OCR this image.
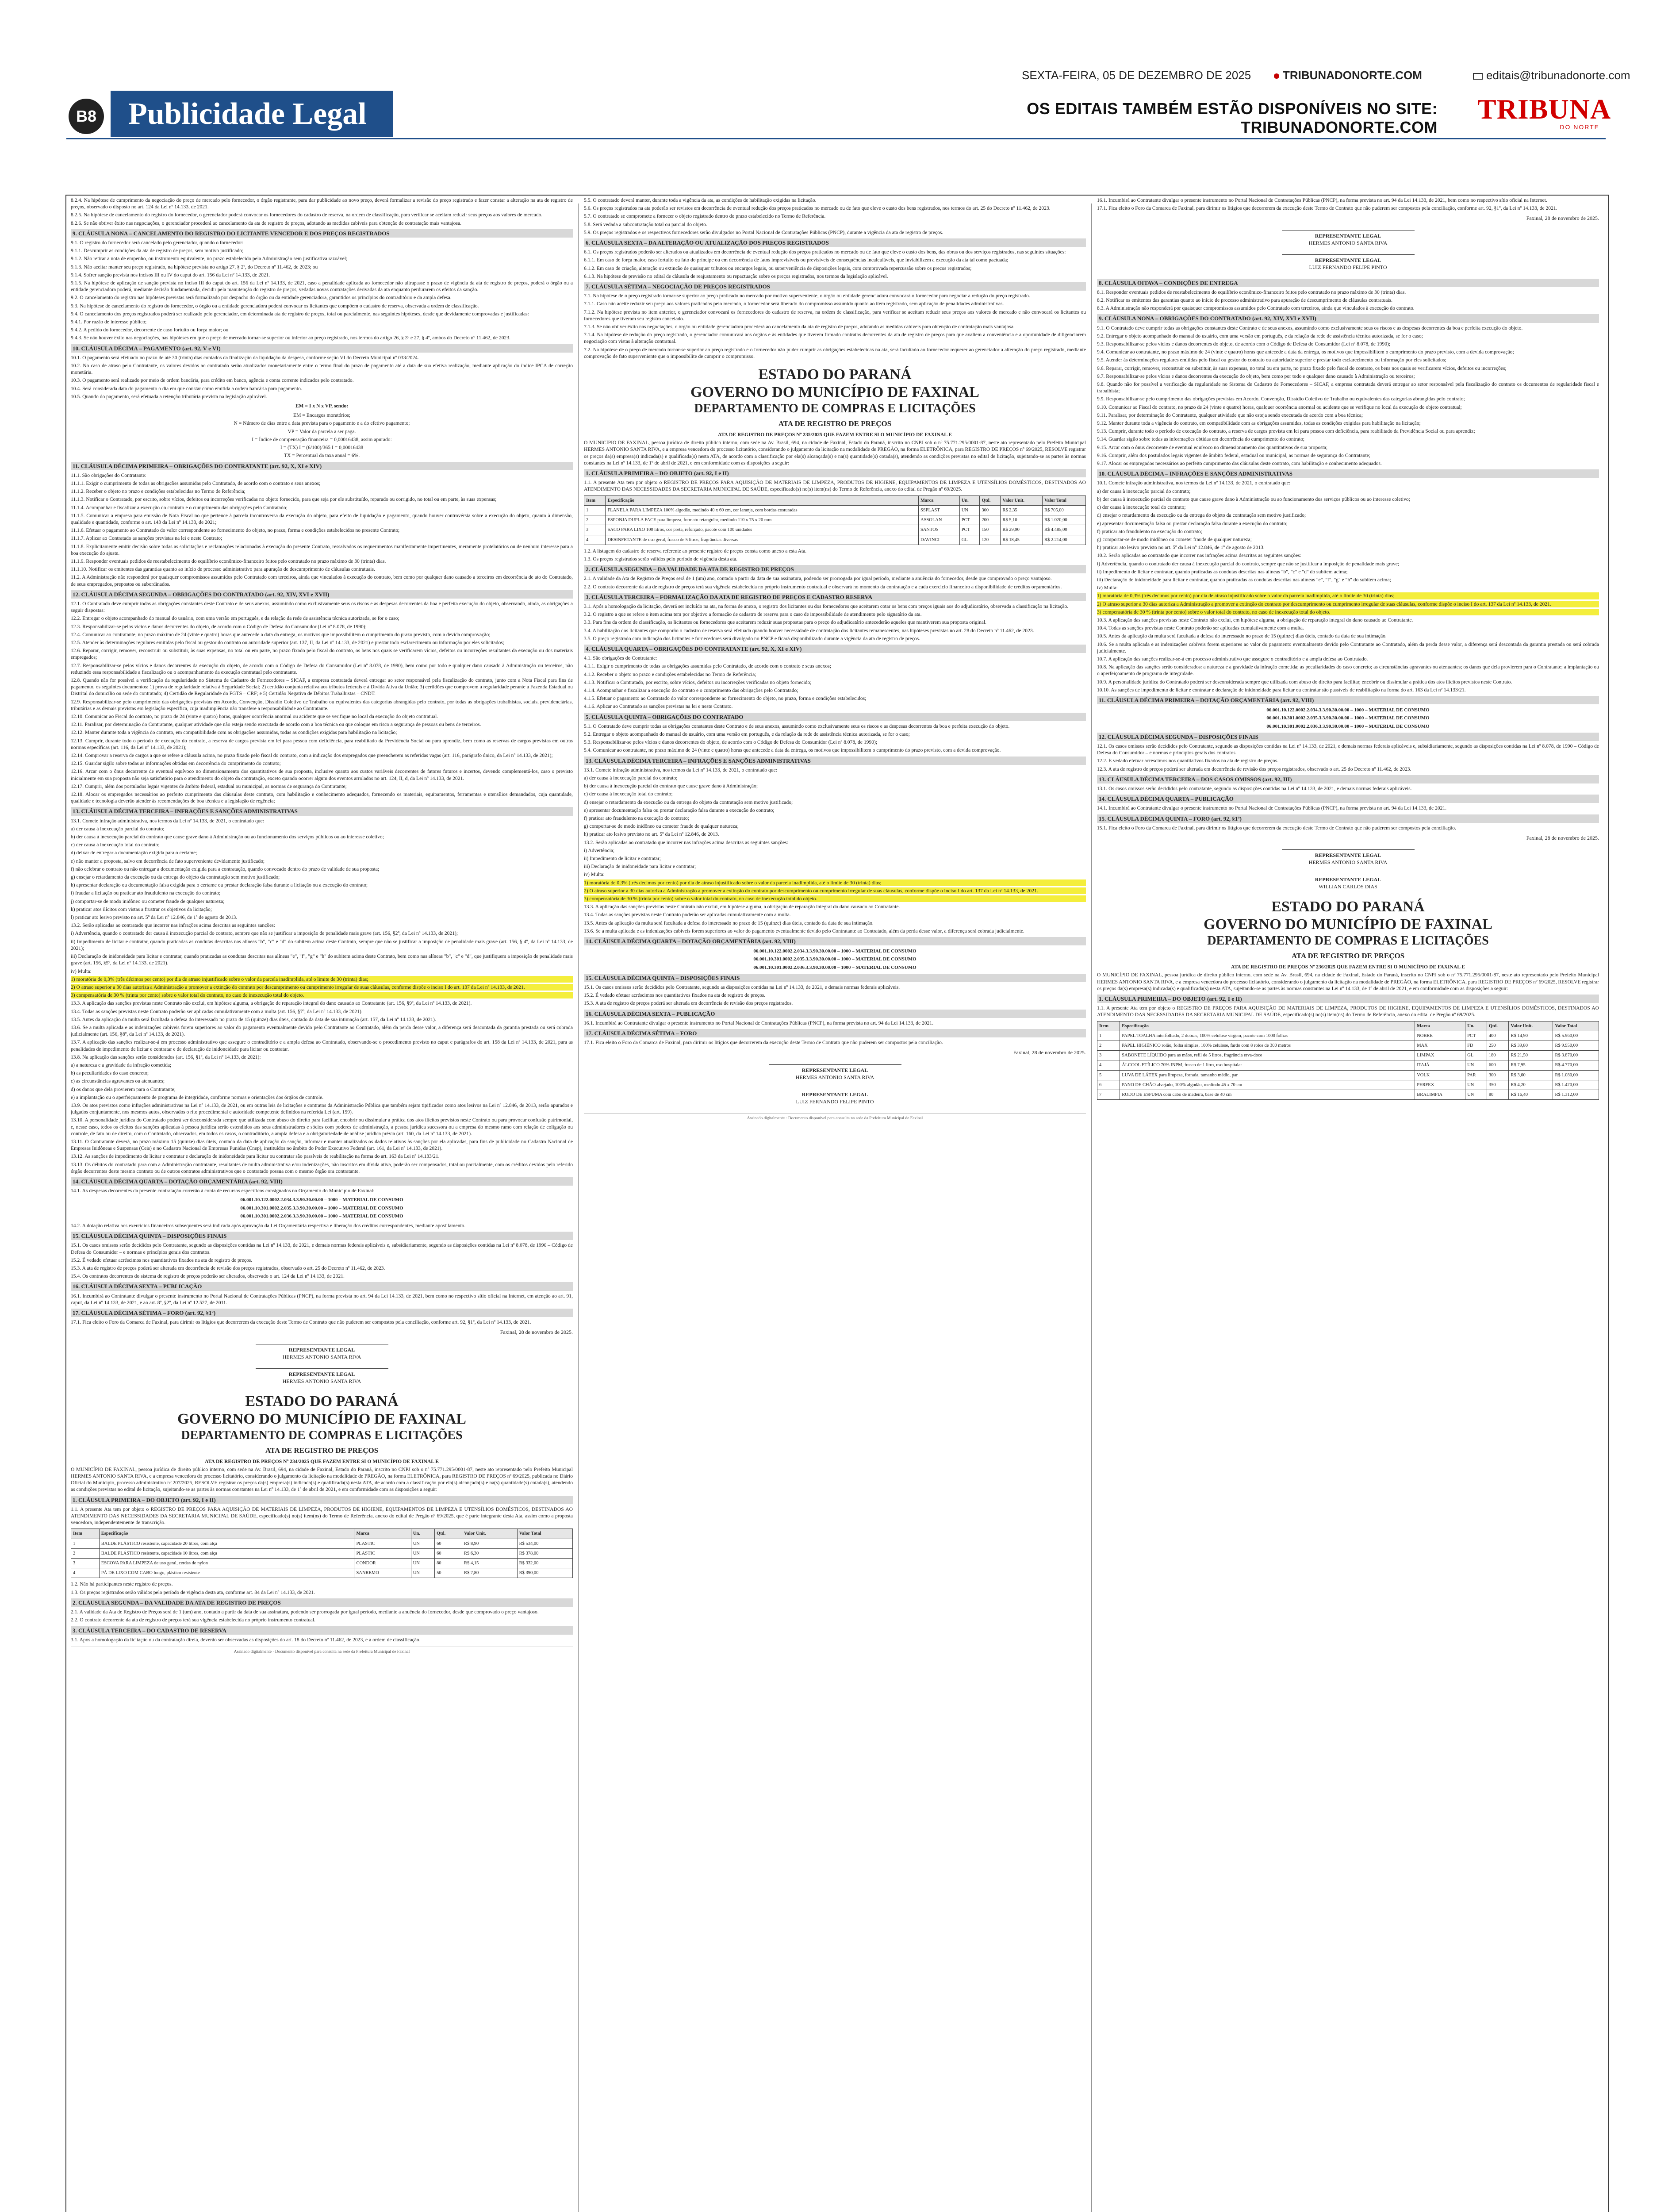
SEXTA-FEIRA, 05 DE DEZEMBRO DE 2025	TRIBUNADONORTE.COM	editais@tribunadonorte.com
B8	Publicidade Legal	OS EDITAIS TAMBÉM ESTÃO DISPONÍVEIS NO SITE: TRIBUNADONORTE.COM
TRIBUNA
DO NORTE

8.2.4. Na hipótese de cumprimento da negociação do preço de mercado pelo fornecedor, o órgão registrante, para dar publicidade ao novo preço, deverá formalizar a revisão do preço registrado e fazer constar a alteração na ata de registro de preços, observado o disposto no art. 124 da Lei nº 14.133, de 2021.

8.2.5. Na hipótese de cancelamento do registro do fornecedor, o gerenciador poderá convocar os fornecedores do cadastro de reserva, na ordem de classificação, para verificar se aceitam reduzir seus preços aos valores de mercado.

8.2.6. Se não obtiver êxito nas negociações, o gerenciador procederá ao cancelamento da ata de registro de preços, adotando as medidas cabíveis para obtenção de contratação mais vantajosa.

9. CLÁUSULA NONA – CANCELAMENTO DO REGISTRO DO LICITANTE VENCEDOR E DOS PREÇOS REGISTRADOS

9.1. O registro do fornecedor será cancelado pelo gerenciador, quando o fornecedor:

9.1.1. Descumprir as condições da ata de registro de preços, sem motivo justificado;

9.1.2. Não retirar a nota de empenho, ou instrumento equivalente, no prazo estabelecido pela Administração sem justificativa razoável;

9.1.3. Não aceitar manter seu preço registrado, na hipótese prevista no artigo 27, § 2º, do Decreto nº 11.462, de 2023; ou

9.1.4. Sofrer sanção prevista nos incisos III ou IV do caput do art. 156 da Lei nº 14.133, de 2021.

9.1.5. Na hipótese de aplicação de sanção prevista no inciso III do caput do art. 156 da Lei nº 14.133, de 2021, caso a penalidade aplicada ao fornecedor não ultrapasse o prazo de vigência da ata de registro de preços, poderá o órgão ou a entidade gerenciadora poderá, mediante decisão fundamentada, decidir pela manutenção do registro de preços, vedadas novas contratações derivadas da ata enquanto perdurarem os efeitos da sanção.

9.2. O cancelamento do registro nas hipóteses previstas será formalizado por despacho do órgão ou da entidade gerenciadora, garantidos os princípios do contraditório e da ampla defesa.

9.3. Na hipótese de cancelamento do registro do fornecedor, o órgão ou a entidade gerenciadora poderá convocar os licitantes que compõem o cadastro de reserva, observada a ordem de classificação.

9.4. O cancelamento dos preços registrados poderá ser realizado pelo gerenciador, em determinada ata de registro de preços, total ou parcialmente, nas seguintes hipóteses, desde que devidamente comprovadas e justificadas:

9.4.1. Por razão de interesse público;

9.4.2. A pedido do fornecedor, decorrente de caso fortuito ou força maior; ou

9.4.3. Se não houver êxito nas negociações, nas hipóteses em que o preço de mercado tornar-se superior ou inferior ao preço registrado, nos termos do artigo 26, § 3º e 27, § 4º, ambos do Decreto nº 11.462, de 2023.

10. CLÁUSULA DÉCIMA – PAGAMENTO (art. 92, V e VI)

10.1. O pagamento será efetuado no prazo de até 30 (trinta) dias contados da finalização da liquidação da despesa, conforme seção VI do Decreto Municipal nº 033/2024.

10.2. No caso de atraso pelo Contratante, os valores devidos ao contratado serão atualizados monetariamente entre o termo final do prazo de pagamento até a data de sua efetiva realização, mediante aplicação do índice IPCA de correção monetária.

10.3. O pagamento será realizado por meio de ordem bancária, para crédito em banco, agência e conta corrente indicados pelo contratado.

10.4. Será considerada data do pagamento o dia em que constar como emitida a ordem bancária para pagamento.

10.5. Quando do pagamento, será efetuada a retenção tributária prevista na legislação aplicável.

EM = I x N x VP, sendo:

EM = Encargos moratórios;

N = Número de dias entre a data prevista para o pagamento e a do efetivo pagamento;

VP = Valor da parcela a ser paga.

I = Índice de compensação financeira = 0,00016438, assim apurado:

I = (TX) I = (6/100)/365 I = 0,00016438

TX = Percentual da taxa anual = 6%.

11. CLÁUSULA DÉCIMA PRIMEIRA – OBRIGAÇÕES DO CONTRATANTE (art. 92, X, XI e XIV)

11.1. São obrigações do Contratante:

11.1.1. Exigir o cumprimento de todas as obrigações assumidas pelo Contratado, de acordo com o contrato e seus anexos;

11.1.2. Receber o objeto no prazo e condições estabelecidas no Termo de Referência;

11.1.3. Notificar o Contratado, por escrito, sobre vícios, defeitos ou incorreções verificadas no objeto fornecido, para que seja por ele substituído, reparado ou corrigido, no total ou em parte, às suas expensas;

11.1.4. Acompanhar e fiscalizar a execução do contrato e o cumprimento das obrigações pelo Contratado;

11.1.5. Comunicar a empresa para emissão de Nota Fiscal no que pertence à parcela incontroversa da execução do objeto, para efeito de liquidação e pagamento, quando houver controvérsia sobre a execução do objeto, quanto à dimensão, qualidade e quantidade, conforme o art. 143 da Lei nº 14.133, de 2021;

11.1.6. Efetuar o pagamento ao Contratado do valor correspondente ao fornecimento do objeto, no prazo, forma e condições estabelecidos no presente Contrato;

11.1.7. Aplicar ao Contratado as sanções previstas na lei e neste Contrato;

11.1.8. Explicitamente emitir decisão sobre todas as solicitações e reclamações relacionadas à execução do presente Contrato, ressalvados os requerimentos manifestamente impertinentes, meramente protelatórios ou de nenhum interesse para a boa execução do ajuste.

11.1.9. Responder eventuais pedidos de reestabelecimento do equilíbrio econômico-financeiro feitos pelo contratado no prazo máximo de 30 (trinta) dias.

11.1.10. Notificar os emitentes das garantias quanto ao início de processo administrativo para apuração de descumprimento de cláusulas contratuais.

11.2. A Administração não responderá por quaisquer compromissos assumidos pelo Contratado com terceiros, ainda que vinculados à execução do contrato, bem como por qualquer dano causado a terceiros em decorrência de ato do Contratado, de seus empregados, prepostos ou subordinados.

12. CLÁUSULA DÉCIMA SEGUNDA – OBRIGAÇÕES DO CONTRATADO (art. 92, XIV, XVI e XVII)

12.1. O Contratado deve cumprir todas as obrigações constantes deste Contrato e de seus anexos, assumindo como exclusivamente seus os riscos e as despesas decorrentes da boa e perfeita execução do objeto, observando, ainda, as obrigações a seguir dispostas:

12.2. Entregar o objeto acompanhado do manual do usuário, com uma versão em português, e da relação da rede de assistência técnica autorizada, se for o caso;

12.3. Responsabilizar-se pelos vícios e danos decorrentes do objeto, de acordo com o Código de Defesa do Consumidor (Lei nº 8.078, de 1990);

12.4. Comunicar ao contratante, no prazo máximo de 24 (vinte e quatro) horas que antecede a data da entrega, os motivos que impossibilitem o cumprimento do prazo previsto, com a devida comprovação;

12.5. Atender às determinações regulares emitidas pelo fiscal ou gestor do contrato ou autoridade superior (art. 137, II, da Lei nº 14.133, de 2021) e prestar todo esclarecimento ou informação por eles solicitados;

12.6. Reparar, corrigir, remover, reconstruir ou substituir, às suas expensas, no total ou em parte, no prazo fixado pelo fiscal do contrato, os bens nos quais se verificarem vícios, defeitos ou incorreções resultantes da execução ou dos materiais empregados;

12.7. Responsabilizar-se pelos vícios e danos decorrentes da execução do objeto, de acordo com o Código de Defesa do Consumidor (Lei nº 8.078, de 1990), bem como por todo e qualquer dano causado à Administração ou terceiros, não reduzindo essa responsabilidade a fiscalização ou o acompanhamento da execução contratual pelo contratante.

12.8. Quando não for possível a verificação da regularidade no Sistema de Cadastro de Fornecedores – SICAF, a empresa contratada deverá entregar ao setor responsável pela fiscalização do contrato, junto com a Nota Fiscal para fins de pagamento, os seguintes documentos: 1) prova de regularidade relativa à Seguridade Social; 2) certidão conjunta relativa aos tributos federais e à Dívida Ativa da União; 3) certidões que comprovem a regularidade perante a Fazenda Estadual ou Distrital do domicílio ou sede do contratado; 4) Certidão de Regularidade do FGTS – CRF; e 5) Certidão Negativa de Débitos Trabalhistas – CNDT.

12.9. Responsabilizar-se pelo cumprimento das obrigações previstas em Acordo, Convenção, Dissídio Coletivo de Trabalho ou equivalentes das categorias abrangidas pelo contrato, por todas as obrigações trabalhistas, sociais, previdenciárias, tributárias e as demais previstas em legislação específica, cuja inadimplência não transfere a responsabilidade ao Contratante.

12.10. Comunicar ao Fiscal do contrato, no prazo de 24 (vinte e quatro) horas, qualquer ocorrência anormal ou acidente que se verifique no local da execução do objeto contratual.

12.11. Paralisar, por determinação do Contratante, qualquer atividade que não esteja sendo executada de acordo com a boa técnica ou que coloque em risco a segurança de pessoas ou bens de terceiros.

12.12. Manter durante toda a vigência do contrato, em compatibilidade com as obrigações assumidas, todas as condições exigidas para habilitação na licitação;

12.13. Cumprir, durante todo o período de execução do contrato, a reserva de cargos prevista em lei para pessoa com deficiência, para reabilitado da Previdência Social ou para aprendiz, bem como as reservas de cargos previstas em outras normas específicas (art. 116, da Lei nº 14.133, de 2021);

12.14. Comprovar a reserva de cargos a que se refere a cláusula acima, no prazo fixado pelo fiscal do contrato, com a indicação dos empregados que preencherem as referidas vagas (art. 116, parágrafo único, da Lei nº 14.133, de 2021);

12.15. Guardar sigilo sobre todas as informações obtidas em decorrência do cumprimento do contrato;

12.16. Arcar com o ônus decorrente de eventual equívoco no dimensionamento dos quantitativos de sua proposta, inclusive quanto aos custos variáveis decorrentes de fatores futuros e incertos, devendo complementá-los, caso o previsto inicialmente em sua proposta não seja satisfatório para o atendimento do objeto da contratação, exceto quando ocorrer algum dos eventos arrolados no art. 124, II, d, da Lei nº 14.133, de 2021.

12.17. Cumprir, além dos postulados legais vigentes de âmbito federal, estadual ou municipal, as normas de segurança do Contratante;

12.18. Alocar os empregados necessários ao perfeito cumprimento das cláusulas deste contrato, com habilitação e conhecimento adequados, fornecendo os materiais, equipamentos, ferramentas e utensílios demandados, cuja quantidade, qualidade e tecnologia deverão atender às recomendações de boa técnica e a legislação de regência;

13. CLÁUSULA DÉCIMA TERCEIRA – INFRAÇÕES E SANÇÕES ADMINISTRATIVAS

13.1. Comete infração administrativa, nos termos da Lei nº 14.133, de 2021, o contratado que:

a) der causa à inexecução parcial do contrato;

b) der causa à inexecução parcial do contrato que cause grave dano à Administração ou ao funcionamento dos serviços públicos ou ao interesse coletivo;

c) der causa à inexecução total do contrato;

d) deixar de entregar a documentação exigida para o certame;

e) não manter a proposta, salvo em decorrência de fato superveniente devidamente justificado;

f) não celebrar o contrato ou não entregar a documentação exigida para a contratação, quando convocado dentro do prazo de validade de sua proposta;

g) ensejar o retardamento da execução ou da entrega do objeto da contratação sem motivo justificado;

h) apresentar declaração ou documentação falsa exigida para o certame ou prestar declaração falsa durante a licitação ou a execução do contrato;

i) fraudar a licitação ou praticar ato fraudulento na execução do contrato;

j) comportar-se de modo inidôneo ou cometer fraude de qualquer natureza;

k) praticar atos ilícitos com vistas a frustrar os objetivos da licitação;

l) praticar ato lesivo previsto no art. 5º da Lei nº 12.846, de 1º de agosto de 2013.

13.2. Serão aplicadas ao contratado que incorrer nas infrações acima descritas as seguintes sanções:

i) Advertência, quando o contratado der causa à inexecução parcial do contrato, sempre que não se justificar a imposição de penalidade mais grave (art. 156, §2º, da Lei nº 14.133, de 2021);

ii) Impedimento de licitar e contratar, quando praticadas as condutas descritas nas alíneas "b", "c" e "d" do subitem acima deste Contrato, sempre que não se justificar a imposição de penalidade mais grave (art. 156, § 4º, da Lei nº 14.133, de 2021);

iii) Declaração de inidoneidade para licitar e contratar, quando praticadas as condutas descritas nas alíneas "e", "f", "g" e "h" do subitem acima deste Contrato, bem como nas alíneas "b", "c" e "d", que justifiquem a imposição de penalidade mais grave (art. 156, §5º, da Lei nº 14.133, de 2021).

iv) Multa:

1) moratória de 0,3% (três décimos por cento) por dia de atraso injustificado sobre o valor da parcela inadimplida, até o limite de 30 (trinta) dias;

2) O atraso superior a 30 dias autoriza a Administração a promover a extinção do contrato por descumprimento ou cumprimento irregular de suas cláusulas, conforme dispõe o inciso I do art. 137 da Lei nº 14.133, de 2021.

3) compensatória de 30 % (trinta por cento) sobre o valor total do contrato, no caso de inexecução total do objeto.

13.3. A aplicação das sanções previstas neste Contrato não exclui, em hipótese alguma, a obrigação de reparação integral do dano causado ao Contratante (art. 156, §9º, da Lei nº 14.133, de 2021).

13.4. Todas as sanções previstas neste Contrato poderão ser aplicadas cumulativamente com a multa (art. 156, §7º, da Lei nº 14.133, de 2021).

13.5. Antes da aplicação da multa será facultada a defesa do interessado no prazo de 15 (quinze) dias úteis, contado da data de sua intimação (art. 157, da Lei nº 14.133, de 2021).

13.6. Se a multa aplicada e as indenizações cabíveis forem superiores ao valor do pagamento eventualmente devido pelo Contratante ao Contratado, além da perda desse valor, a diferença será descontada da garantia prestada ou será cobrada judicialmente (art. 156, §8º, da Lei nº 14.133, de 2021).

13.7. A aplicação das sanções realizar-se-á em processo administrativo que assegure o contraditório e a ampla defesa ao Contratado, observando-se o procedimento previsto no caput e parágrafos do art. 158 da Lei nº 14.133, de 2021, para as penalidades de impedimento de licitar e contratar e de declaração de inidoneidade para licitar ou contratar.

13.8. Na aplicação das sanções serão considerados (art. 156, §1º, da Lei nº 14.133, de 2021):

a) a natureza e a gravidade da infração cometida;

b) as peculiaridades do caso concreto;

c) as circunstâncias agravantes ou atenuantes;

d) os danos que dela provierem para o Contratante;

e) a implantação ou o aperfeiçoamento de programa de integridade, conforme normas e orientações dos órgãos de controle.

13.9. Os atos previstos como infrações administrativas na Lei nº 14.133, de 2021, ou em outras leis de licitações e contratos da Administração Pública que também sejam tipificados como atos lesivos na Lei nº 12.846, de 2013, serão apurados e julgados conjuntamente, nos mesmos autos, observados o rito procedimental e autoridade competente definidos na referida Lei (art. 159).

13.10. A personalidade jurídica do Contratado poderá ser desconsiderada sempre que utilizada com abuso do direito para facilitar, encobrir ou dissimular a prática dos atos ilícitos previstos neste Contrato ou para provocar confusão patrimonial, e, nesse caso, todos os efeitos das sanções aplicadas à pessoa jurídica serão estendidos aos seus administradores e sócios com poderes de administração, a pessoa jurídica sucessora ou a empresa do mesmo ramo com relação de coligação ou controle, de fato ou de direito, com o Contratado, observados, em todos os casos, o contraditório, a ampla defesa e a obrigatoriedade de análise jurídica prévia (art. 160, da Lei nº 14.133, de 2021).

13.11. O Contratante deverá, no prazo máximo 15 (quinze) dias úteis, contado da data de aplicação da sanção, informar e manter atualizados os dados relativos às sanções por ela aplicadas, para fins de publicidade no Cadastro Nacional de Empresas Inidôneas e Suspensas (Ceis) e no Cadastro Nacional de Empresas Punidas (Cnep), instituídos no âmbito do Poder Executivo Federal (art. 161, da Lei nº 14.133, de 2021).

13.12. As sanções de impedimento de licitar e contratar e declaração de inidoneidade para licitar ou contratar são passíveis de reabilitação na forma do art. 163 da Lei nº 14.133/21.

13.13. Os débitos do contratado para com a Administração contratante, resultantes de multa administrativa e/ou indenizações, não inscritos em dívida ativa, poderão ser compensados, total ou parcialmente, com os créditos devidos pelo referido órgão decorrentes deste mesmo contrato ou de outros contratos administrativos que o contratado possua com o mesmo órgão ora contratante.

14. CLÁUSULA DÉCIMA QUARTA – DOTAÇÃO ORÇAMENTÁRIA (art. 92, VIII)

14.1. As despesas decorrentes da presente contratação correrão à conta de recursos específicos consignados no Orçamento do Município de Faxinal:

06.001.10.122.0002.2.034.3.3.90.30.00.00 – 1000 – MATERIAL DE CONSUMO

06.001.10.301.0002.2.035.3.3.90.30.00.00 – 1000 – MATERIAL DE CONSUMO

06.001.10.301.0002.2.036.3.3.90.30.00.00 – 1000 – MATERIAL DE CONSUMO

14.2. A dotação relativa aos exercícios financeiros subsequentes será indicada após aprovação da Lei Orçamentária respectiva e liberação dos créditos correspondentes, mediante apostilamento.

15. CLÁUSULA DÉCIMA QUINTA – DISPOSIÇÕES FINAIS

15.1. Os casos omissos serão decididos pelo Contratante, segundo as disposições contidas na Lei nº 14.133, de 2021, e demais normas federais aplicáveis e, subsidiariamente, segundo as disposições contidas na Lei nº 8.078, de 1990 – Código de Defesa do Consumidor – e normas e princípios gerais dos contratos.

15.2. É vedado efetuar acréscimos nos quantitativos fixados na ata de registro de preços.

15.3. A ata de registro de preços poderá ser alterada em decorrência de revisão dos preços registrados, observado o art. 25 do Decreto nº 11.462, de 2023.

15.4. Os contratos decorrentes do sistema de registro de preços poderão ser alterados, observado o art. 124 da Lei nº 14.133, de 2021.

16. CLÁUSULA DÉCIMA SEXTA – PUBLICAÇÃO

16.1. Incumbirá ao Contratante divulgar o presente instrumento no Portal Nacional de Contratações Públicas (PNCP), na forma prevista no art. 94 da Lei 14.133, de 2021, bem como no respectivo sítio oficial na Internet, em atenção ao art. 91, caput, da Lei nº 14.133, de 2021, e ao art. 8º, §2º, da Lei nº 12.527, de 2011.

17. CLÁUSULA DÉCIMA SÉTIMA – FORO (art. 92, §1º)

17.1. Fica eleito o Foro da Comarca de Faxinal, para dirimir os litígios que decorrerem da execução deste Termo de Contrato que não puderem ser compostos pela conciliação, conforme art. 92, §1º, da Lei nº 14.133, de 2021.

Faxinal, 28 de novembro de 2025.
REPRESENTANTE LEGAL
HERMES ANTONIO SANTA RIVA
REPRESENTANTE LEGAL
HERMES ANTONIO SANTA RIVA
ESTADO DO PARANÁ
GOVERNO DO MUNICÍPIO DE FAXINAL
DEPARTAMENTO DE COMPRAS E LICITAÇÕES
ATA DE REGISTRO DE PREÇOS

ATA DE REGISTRO DE PREÇOS Nº 234/2025 QUE FAZEM ENTRE SI O MUNICÍPIO DE FAXINAL E

O MUNICÍPIO DE FAXINAL, pessoa jurídica de direito público interno, com sede na Av. Brasil, 694, na cidade de Faxinal, Estado do Paraná, inscrito no CNPJ sob o nº 75.771.295/0001-87, neste ato representado pelo Prefeito Municipal HERMES ANTONIO SANTA RIVA, e a empresa vencedora do processo licitatório, considerando o julgamento da licitação na modalidade de PREGÃO, na forma ELETRÔNICA, para REGISTRO DE PREÇOS nº 69/2025, publicada no Diário Oficial do Município, processo administrativo nº 207/2025, RESOLVE registrar os preços da(s) empresa(s) indicada(s) e qualificada(s) nesta ATA, de acordo com a classificação por ela(s) alcançada(s) e na(s) quantidade(s) cotada(s), atendendo as condições previstas no edital de licitação, sujeitando-se as partes às normas constantes na Lei nº 14.133, de 1º de abril de 2021, e em conformidade com as disposições a seguir:

1. CLÁUSULA PRIMEIRA – DO OBJETO (art. 92, I e II)

1.1. A presente Ata tem por objeto o REGISTRO DE PREÇOS PARA AQUISIÇÃO DE MATERIAIS DE LIMPEZA, PRODUTOS DE HIGIENE, EQUIPAMENTOS DE LIMPEZA E UTENSÍLIOS DOMÉSTICOS, DESTINADOS AO ATENDIMENTO DAS NECESSIDADES DA SECRETARIA MUNICIPAL DE SAÚDE, especificado(s) no(s) item(ns) do Termo de Referência, anexo do edital de Pregão nº 69/2025, que é parte integrante desta Ata, assim como a proposta vencedora, independentemente de transcrição.

Item	Especificação	Marca	Un.	Qtd.	Valor Unit.	Valor Total
1	BALDE PLÁSTICO resistente, capacidade 20 litros, com alça	PLASTIC	UN	60	R$ 8,90	R$ 534,00
2	BALDE PLÁSTICO resistente, capacidade 10 litros, com alça	PLASTIC	UN	60	R$ 6,30	R$ 378,00
3	ESCOVA PARA LIMPEZA de uso geral, cerdas de nylon	CONDOR	UN	80	R$ 4,15	R$ 332,00
4	PÁ DE LIXO COM CABO longo, plástico resistente	SANREMO	UN	50	R$ 7,80	R$ 390,00

1.2. Não há participantes neste registro de preços.

1.3. Os preços registrados serão válidos pelo período de vigência desta ata, conforme art. 84 da Lei nº 14.133, de 2021.

2. CLÁUSULA SEGUNDA – DA VALIDADE DA ATA DE REGISTRO DE PREÇOS

2.1. A validade da Ata de Registro de Preços será de 1 (um) ano, contado a partir da data de sua assinatura, podendo ser prorrogada por igual período, mediante a anuência do fornecedor, desde que comprovado o preço vantajoso.

2.2. O contrato decorrente da ata de registro de preços terá sua vigência estabelecida no próprio instrumento contratual.

3. CLÁUSULA TERCEIRA – DO CADASTRO DE RESERVA

3.1. Após a homologação da licitação ou da contratação direta, deverão ser observadas as disposições do art. 18 do Decreto nº 11.462, de 2023, e a ordem de classificação.

Assinado digitalmente · Documento disponível para consulta na sede da Prefeitura Municipal de Faxinal

5.5. O contratado deverá manter, durante toda a vigência da ata, as condições de habilitação exigidas na licitação.

5.6. Os preços registrados na ata poderão ser revistos em decorrência de eventual redução dos preços praticados no mercado ou de fato que eleve o custo dos bens registrados, nos termos do art. 25 do Decreto nº 11.462, de 2023.

5.7. O contratado se compromete a fornecer o objeto registrado dentro do prazo estabelecido no Termo de Referência.

5.8. Será vedada a subcontratação total ou parcial do objeto.

5.9. Os preços registrados e os respectivos fornecedores serão divulgados no Portal Nacional de Contratações Públicas (PNCP), durante a vigência da ata de registro de preços.

6. CLÁUSULA SEXTA – DA ALTERAÇÃO OU ATUALIZAÇÃO DOS PREÇOS REGISTRADOS

6.1. Os preços registrados poderão ser alterados ou atualizados em decorrência de eventual redução dos preços praticados no mercado ou de fato que eleve o custo dos bens, das obras ou dos serviços registrados, nas seguintes situações:

6.1.1. Em caso de força maior, caso fortuito ou fato do príncipe ou em decorrência de fatos imprevisíveis ou previsíveis de consequências incalculáveis, que inviabilizem a execução da ata tal como pactuada;

6.1.2. Em caso de criação, alteração ou extinção de quaisquer tributos ou encargos legais, ou superveniência de disposições legais, com comprovada repercussão sobre os preços registrados;

6.1.3. Na hipótese de previsão no edital de cláusula de reajustamento ou repactuação sobre os preços registrados, nos termos da legislação aplicável.

7. CLÁUSULA SÉTIMA – NEGOCIAÇÃO DE PREÇOS REGISTRADOS

7.1. Na hipótese de o preço registrado tornar-se superior ao preço praticado no mercado por motivo superveniente, o órgão ou entidade gerenciadora convocará o fornecedor para negociar a redução do preço registrado.

7.1.1. Caso não aceite reduzir seu preço aos valores praticados pelo mercado, o fornecedor será liberado do compromisso assumido quanto ao item registrado, sem aplicação de penalidades administrativas.

7.1.2. Na hipótese prevista no item anterior, o gerenciador convocará os fornecedores do cadastro de reserva, na ordem de classificação, para verificar se aceitam reduzir seus preços aos valores de mercado e não convocará os licitantes ou fornecedores que tiveram seu registro cancelado.

7.1.3. Se não obtiver êxito nas negociações, o órgão ou entidade gerenciadora procederá ao cancelamento da ata de registro de preços, adotando as medidas cabíveis para obtenção de contratação mais vantajosa.

7.1.4. Na hipótese de redução do preço registrado, o gerenciador comunicará aos órgãos e às entidades que tiverem firmado contratos decorrentes da ata de registro de preços para que avaliem a conveniência e a oportunidade de diligenciarem negociação com vistas à alteração contratual.

7.2. Na hipótese de o preço de mercado tornar-se superior ao preço registrado e o fornecedor não puder cumprir as obrigações estabelecidas na ata, será facultado ao fornecedor requerer ao gerenciador a alteração do preço registrado, mediante comprovação de fato superveniente que o impossibilite de cumprir o compromisso.

ESTADO DO PARANÁ
GOVERNO DO MUNICÍPIO DE FAXINAL
DEPARTAMENTO DE COMPRAS E LICITAÇÕES
ATA DE REGISTRO DE PREÇOS

ATA DE REGISTRO DE PREÇOS Nº 235/2025 QUE FAZEM ENTRE SI O MUNICÍPIO DE FAXINAL E

O MUNICÍPIO DE FAXINAL, pessoa jurídica de direito público interno, com sede na Av. Brasil, 694, na cidade de Faxinal, Estado do Paraná, inscrito no CNPJ sob o nº 75.771.295/0001-87, neste ato representado pelo Prefeito Municipal HERMES ANTONIO SANTA RIVA, e a empresa vencedora do processo licitatório, considerando o julgamento da licitação na modalidade de PREGÃO, na forma ELETRÔNICA, para REGISTRO DE PREÇOS nº 69/2025, RESOLVE registrar os preços da(s) empresa(s) indicada(s) e qualificada(s) nesta ATA, de acordo com a classificação por ela(s) alcançada(s) e na(s) quantidade(s) cotada(s), atendendo as condições previstas no edital de licitação, sujeitando-se as partes às normas constantes na Lei nº 14.133, de 1º de abril de 2021, e em conformidade com as disposições a seguir:

1. CLÁUSULA PRIMEIRA – DO OBJETO (art. 92, I e II)

1.1. A presente Ata tem por objeto o REGISTRO DE PREÇOS PARA AQUISIÇÃO DE MATERIAIS DE LIMPEZA, PRODUTOS DE HIGIENE, EQUIPAMENTOS DE LIMPEZA E UTENSÍLIOS DOMÉSTICOS, DESTINADOS AO ATENDIMENTO DAS NECESSIDADES DA SECRETARIA MUNICIPAL DE SAÚDE, especificado(s) no(s) item(ns) do Termo de Referência, anexo do edital de Pregão nº 69/2025.

Item	Especificação	Marca	Un.	Qtd.	Valor Unit.	Valor Total
1	FLANELA PARA LIMPEZA 100% algodão, medindo 40 x 60 cm, cor laranja, com bordas costuradas	SSPLAST	UN	300	R$ 2,35	R$ 705,00
2	ESPONJA DUPLA FACE para limpeza, formato retangular, medindo 110 x 75 x 20 mm	ASSOLAN	PCT	200	R$ 5,10	R$ 1.020,00
3	SACO PARA LIXO 100 litros, cor preta, reforçado, pacote com 100 unidades	SANTOS	PCT	150	R$ 29,90	R$ 4.485,00
4	DESINFETANTE de uso geral, frasco de 5 litros, fragrâncias diversas	DAVINCI	GL	120	R$ 18,45	R$ 2.214,00

1.2. A listagem do cadastro de reserva referente ao presente registro de preços consta como anexo a esta Ata.

1.3. Os preços registrados serão válidos pelo período de vigência desta ata.

2. CLÁUSULA SEGUNDA – DA VALIDADE DA ATA DE REGISTRO DE PREÇOS

2.1. A validade da Ata de Registro de Preços será de 1 (um) ano, contado a partir da data de sua assinatura, podendo ser prorrogada por igual período, mediante a anuência do fornecedor, desde que comprovado o preço vantajoso.

2.2. O contrato decorrente da ata de registro de preços terá sua vigência estabelecida no próprio instrumento contratual e observará no momento da contratação e a cada exercício financeiro a disponibilidade de créditos orçamentários.

3. CLÁUSULA TERCEIRA – FORMALIZAÇÃO DA ATA DE REGISTRO DE PREÇOS E CADASTRO RESERVA

3.1. Após a homologação da licitação, deverá ser incluído na ata, na forma de anexo, o registro dos licitantes ou dos fornecedores que aceitarem cotar os bens com preços iguais aos do adjudicatário, observada a classificação na licitação.

3.2. O registro a que se refere o item acima tem por objetivo a formação de cadastro de reserva para o caso de impossibilidade de atendimento pelo signatário da ata.

3.3. Para fins da ordem de classificação, os licitantes ou fornecedores que aceitarem reduzir suas propostas para o preço do adjudicatário antecederão aqueles que mantiverem sua proposta original.

3.4. A habilitação dos licitantes que comporão o cadastro de reserva será efetuada quando houver necessidade de contratação dos licitantes remanescentes, nas hipóteses previstas no art. 28 do Decreto nº 11.462, de 2023.

3.5. O preço registrado com indicação dos licitantes e fornecedores será divulgado no PNCP e ficará disponibilizado durante a vigência da ata de registro de preços.

4. CLÁUSULA QUARTA – OBRIGAÇÕES DO CONTRATANTE (art. 92, X, XI e XIV)

4.1. São obrigações do Contratante:

4.1.1. Exigir o cumprimento de todas as obrigações assumidas pelo Contratado, de acordo com o contrato e seus anexos;

4.1.2. Receber o objeto no prazo e condições estabelecidas no Termo de Referência;

4.1.3. Notificar o Contratado, por escrito, sobre vícios, defeitos ou incorreções verificadas no objeto fornecido;

4.1.4. Acompanhar e fiscalizar a execução do contrato e o cumprimento das obrigações pelo Contratado;

4.1.5. Efetuar o pagamento ao Contratado do valor correspondente ao fornecimento do objeto, no prazo, forma e condições estabelecidos;

4.1.6. Aplicar ao Contratado as sanções previstas na lei e neste Contrato.

5. CLÁUSULA QUINTA – OBRIGAÇÕES DO CONTRATADO

5.1. O Contratado deve cumprir todas as obrigações constantes deste Contrato e de seus anexos, assumindo como exclusivamente seus os riscos e as despesas decorrentes da boa e perfeita execução do objeto.

5.2. Entregar o objeto acompanhado do manual do usuário, com uma versão em português, e da relação da rede de assistência técnica autorizada, se for o caso;

5.3. Responsabilizar-se pelos vícios e danos decorrentes do objeto, de acordo com o Código de Defesa do Consumidor (Lei nº 8.078, de 1990);

5.4. Comunicar ao contratante, no prazo máximo de 24 (vinte e quatro) horas que antecede a data da entrega, os motivos que impossibilitem o cumprimento do prazo previsto, com a devida comprovação.

13. CLÁUSULA DÉCIMA TERCEIRA – INFRAÇÕES E SANÇÕES ADMINISTRATIVAS

13.1. Comete infração administrativa, nos termos da Lei nº 14.133, de 2021, o contratado que:

a) der causa à inexecução parcial do contrato;

b) der causa à inexecução parcial do contrato que cause grave dano à Administração;

c) der causa à inexecução total do contrato;

d) ensejar o retardamento da execução ou da entrega do objeto da contratação sem motivo justificado;

e) apresentar documentação falsa ou prestar declaração falsa durante a execução do contrato;

f) praticar ato fraudulento na execução do contrato;

g) comportar-se de modo inidôneo ou cometer fraude de qualquer natureza;

h) praticar ato lesivo previsto no art. 5º da Lei nº 12.846, de 2013.

13.2. Serão aplicadas ao contratado que incorrer nas infrações acima descritas as seguintes sanções:

i) Advertência;

ii) Impedimento de licitar e contratar;

iii) Declaração de inidoneidade para licitar e contratar;

iv) Multa:

1) moratória de 0,3% (três décimos por cento) por dia de atraso injustificado sobre o valor da parcela inadimplida, até o limite de 30 (trinta) dias;

2) O atraso superior a 30 dias autoriza a Administração a promover a extinção do contrato por descumprimento ou cumprimento irregular de suas cláusulas, conforme dispõe o inciso I do art. 137 da Lei nº 14.133, de 2021.

3) compensatória de 30 % (trinta por cento) sobre o valor total do contrato, no caso de inexecução total do objeto.

13.3. A aplicação das sanções previstas neste Contrato não exclui, em hipótese alguma, a obrigação de reparação integral do dano causado ao Contratante.

13.4. Todas as sanções previstas neste Contrato poderão ser aplicadas cumulativamente com a multa.

13.5. Antes da aplicação da multa será facultada a defesa do interessado no prazo de 15 (quinze) dias úteis, contado da data de sua intimação.

13.6. Se a multa aplicada e as indenizações cabíveis forem superiores ao valor do pagamento eventualmente devido pelo Contratante ao Contratado, além da perda desse valor, a diferença será cobrada judicialmente.

14. CLÁUSULA DÉCIMA QUARTA – DOTAÇÃO ORÇAMENTÁRIA (art. 92, VIII)

06.001.10.122.0002.2.034.3.3.90.30.00.00 – 1000 – MATERIAL DE CONSUMO

06.001.10.301.0002.2.035.3.3.90.30.00.00 – 1000 – MATERIAL DE CONSUMO

06.001.10.301.0002.2.036.3.3.90.30.00.00 – 1000 – MATERIAL DE CONSUMO

15. CLÁUSULA DÉCIMA QUINTA – DISPOSIÇÕES FINAIS

15.1. Os casos omissos serão decididos pelo Contratante, segundo as disposições contidas na Lei nº 14.133, de 2021, e demais normas federais aplicáveis.

15.2. É vedado efetuar acréscimos nos quantitativos fixados na ata de registro de preços.

15.3. A ata de registro de preços poderá ser alterada em decorrência de revisão dos preços registrados.

16. CLÁUSULA DÉCIMA SEXTA – PUBLICAÇÃO

16.1. Incumbirá ao Contratante divulgar o presente instrumento no Portal Nacional de Contratações Públicas (PNCP), na forma prevista no art. 94 da Lei 14.133, de 2021.

17. CLÁUSULA DÉCIMA SÉTIMA – FORO

17.1. Fica eleito o Foro da Comarca de Faxinal, para dirimir os litígios que decorrerem da execução deste Termo de Contrato que não puderem ser compostos pela conciliação.

Faxinal, 28 de novembro de 2025.
REPRESENTANTE LEGAL
HERMES ANTONIO SANTA RIVA
REPRESENTANTE LEGAL
LUIZ FERNANDO FELIPE PINTO
Assinado digitalmente · Documento disponível para consulta na sede da Prefeitura Municipal de Faxinal

16.1. Incumbirá ao Contratante divulgar o presente instrumento no Portal Nacional de Contratações Públicas (PNCP), na forma prevista no art. 94 da Lei 14.133, de 2021, bem como no respectivo sítio oficial na Internet.

17.1. Fica eleito o Foro da Comarca de Faxinal, para dirimir os litígios que decorrerem da execução deste Termo de Contrato que não puderem ser compostos pela conciliação, conforme art. 92, §1º, da Lei nº 14.133, de 2021.

Faxinal, 28 de novembro de 2025.
REPRESENTANTE LEGAL
HERMES ANTONIO SANTA RIVA
REPRESENTANTE LEGAL
LUIZ FERNANDO FELIPE PINTO
8. CLÁUSULA OITAVA – CONDIÇÕES DE ENTREGA

8.1. Responder eventuais pedidos de reestabelecimento do equilíbrio econômico-financeiro feitos pelo contratado no prazo máximo de 30 (trinta) dias.

8.2. Notificar os emitentes das garantias quanto ao início de processo administrativo para apuração de descumprimento de cláusulas contratuais.

8.3. A Administração não responderá por quaisquer compromissos assumidos pelo Contratado com terceiros, ainda que vinculados à execução do contrato.

9. CLÁUSULA NONA – OBRIGAÇÕES DO CONTRATADO (art. 92, XIV, XVI e XVII)

9.1. O Contratado deve cumprir todas as obrigações constantes deste Contrato e de seus anexos, assumindo como exclusivamente seus os riscos e as despesas decorrentes da boa e perfeita execução do objeto.

9.2. Entregar o objeto acompanhado do manual do usuário, com uma versão em português, e da relação da rede de assistência técnica autorizada, se for o caso;

9.3. Responsabilizar-se pelos vícios e danos decorrentes do objeto, de acordo com o Código de Defesa do Consumidor (Lei nº 8.078, de 1990);

9.4. Comunicar ao contratante, no prazo máximo de 24 (vinte e quatro) horas que antecede a data da entrega, os motivos que impossibilitem o cumprimento do prazo previsto, com a devida comprovação;

9.5. Atender às determinações regulares emitidas pelo fiscal ou gestor do contrato ou autoridade superior e prestar todo esclarecimento ou informação por eles solicitados;

9.6. Reparar, corrigir, remover, reconstruir ou substituir, às suas expensas, no total ou em parte, no prazo fixado pelo fiscal do contrato, os bens nos quais se verificarem vícios, defeitos ou incorreções;

9.7. Responsabilizar-se pelos vícios e danos decorrentes da execução do objeto, bem como por todo e qualquer dano causado à Administração ou terceiros;

9.8. Quando não for possível a verificação da regularidade no Sistema de Cadastro de Fornecedores – SICAF, a empresa contratada deverá entregar ao setor responsável pela fiscalização do contrato os documentos de regularidade fiscal e trabalhista;

9.9. Responsabilizar-se pelo cumprimento das obrigações previstas em Acordo, Convenção, Dissídio Coletivo de Trabalho ou equivalentes das categorias abrangidas pelo contrato;

9.10. Comunicar ao Fiscal do contrato, no prazo de 24 (vinte e quatro) horas, qualquer ocorrência anormal ou acidente que se verifique no local da execução do objeto contratual;

9.11. Paralisar, por determinação do Contratante, qualquer atividade que não esteja sendo executada de acordo com a boa técnica;

9.12. Manter durante toda a vigência do contrato, em compatibilidade com as obrigações assumidas, todas as condições exigidas para habilitação na licitação;

9.13. Cumprir, durante todo o período de execução do contrato, a reserva de cargos prevista em lei para pessoa com deficiência, para reabilitado da Previdência Social ou para aprendiz;

9.14. Guardar sigilo sobre todas as informações obtidas em decorrência do cumprimento do contrato;

9.15. Arcar com o ônus decorrente de eventual equívoco no dimensionamento dos quantitativos de sua proposta;

9.16. Cumprir, além dos postulados legais vigentes de âmbito federal, estadual ou municipal, as normas de segurança do Contratante;

9.17. Alocar os empregados necessários ao perfeito cumprimento das cláusulas deste contrato, com habilitação e conhecimento adequados.

10. CLÁUSULA DÉCIMA – INFRAÇÕES E SANÇÕES ADMINISTRATIVAS

10.1. Comete infração administrativa, nos termos da Lei nº 14.133, de 2021, o contratado que:

a) der causa à inexecução parcial do contrato;

b) der causa à inexecução parcial do contrato que cause grave dano à Administração ou ao funcionamento dos serviços públicos ou ao interesse coletivo;

c) der causa à inexecução total do contrato;

d) ensejar o retardamento da execução ou da entrega do objeto da contratação sem motivo justificado;

e) apresentar documentação falsa ou prestar declaração falsa durante a execução do contrato;

f) praticar ato fraudulento na execução do contrato;

g) comportar-se de modo inidôneo ou cometer fraude de qualquer natureza;

h) praticar ato lesivo previsto no art. 5º da Lei nº 12.846, de 1º de agosto de 2013.

10.2. Serão aplicadas ao contratado que incorrer nas infrações acima descritas as seguintes sanções:

i) Advertência, quando o contratado der causa à inexecução parcial do contrato, sempre que não se justificar a imposição de penalidade mais grave;

ii) Impedimento de licitar e contratar, quando praticadas as condutas descritas nas alíneas "b", "c" e "d" do subitem acima;

iii) Declaração de inidoneidade para licitar e contratar, quando praticadas as condutas descritas nas alíneas "e", "f", "g" e "h" do subitem acima;

iv) Multa:

1) moratória de 0,3% (três décimos por cento) por dia de atraso injustificado sobre o valor da parcela inadimplida, até o limite de 30 (trinta) dias;

2) O atraso superior a 30 dias autoriza a Administração a promover a extinção do contrato por descumprimento ou cumprimento irregular de suas cláusulas, conforme dispõe o inciso I do art. 137 da Lei nº 14.133, de 2021.

3) compensatória de 30 % (trinta por cento) sobre o valor total do contrato, no caso de inexecução total do objeto.

10.3. A aplicação das sanções previstas neste Contrato não exclui, em hipótese alguma, a obrigação de reparação integral do dano causado ao Contratante.

10.4. Todas as sanções previstas neste Contrato poderão ser aplicadas cumulativamente com a multa.

10.5. Antes da aplicação da multa será facultada a defesa do interessado no prazo de 15 (quinze) dias úteis, contado da data de sua intimação.

10.6. Se a multa aplicada e as indenizações cabíveis forem superiores ao valor do pagamento eventualmente devido pelo Contratante ao Contratado, além da perda desse valor, a diferença será descontada da garantia prestada ou será cobrada judicialmente.

10.7. A aplicação das sanções realizar-se-á em processo administrativo que assegure o contraditório e a ampla defesa ao Contratado.

10.8. Na aplicação das sanções serão considerados: a natureza e a gravidade da infração cometida; as peculiaridades do caso concreto; as circunstâncias agravantes ou atenuantes; os danos que dela provierem para o Contratante; a implantação ou o aperfeiçoamento de programa de integridade.

10.9. A personalidade jurídica do Contratado poderá ser desconsiderada sempre que utilizada com abuso do direito para facilitar, encobrir ou dissimular a prática dos atos ilícitos previstos neste Contrato.

10.10. As sanções de impedimento de licitar e contratar e declaração de inidoneidade para licitar ou contratar são passíveis de reabilitação na forma do art. 163 da Lei nº 14.133/21.

11. CLÁUSULA DÉCIMA PRIMEIRA – DOTAÇÃO ORÇAMENTÁRIA (art. 92, VIII)

06.001.10.122.0002.2.034.3.3.90.30.00.00 – 1000 – MATERIAL DE CONSUMO

06.001.10.301.0002.2.035.3.3.90.30.00.00 – 1000 – MATERIAL DE CONSUMO

06.001.10.301.0002.2.036.3.3.90.30.00.00 – 1000 – MATERIAL DE CONSUMO

12. CLÁUSULA DÉCIMA SEGUNDA – DISPOSIÇÕES FINAIS

12.1. Os casos omissos serão decididos pelo Contratante, segundo as disposições contidas na Lei nº 14.133, de 2021, e demais normas federais aplicáveis e, subsidiariamente, segundo as disposições contidas na Lei nº 8.078, de 1990 – Código de Defesa do Consumidor – e normas e princípios gerais dos contratos.

12.2. É vedado efetuar acréscimos nos quantitativos fixados na ata de registro de preços.

12.3. A ata de registro de preços poderá ser alterada em decorrência de revisão dos preços registrados, observado o art. 25 do Decreto nº 11.462, de 2023.

13. CLÁUSULA DÉCIMA TERCEIRA – DOS CASOS OMISSOS (art. 92, III)

13.1. Os casos omissos serão decididos pelo contratante, segundo as disposições contidas na Lei nº 14.133, de 2021, e demais normas federais aplicáveis.

14. CLÁUSULA DÉCIMA QUARTA – PUBLICAÇÃO

14.1. Incumbirá ao Contratante divulgar o presente instrumento no Portal Nacional de Contratações Públicas (PNCP), na forma prevista no art. 94 da Lei 14.133, de 2021.

15. CLÁUSULA DÉCIMA QUINTA – FORO (art. 92, §1º)

15.1. Fica eleito o Foro da Comarca de Faxinal, para dirimir os litígios que decorrerem da execução deste Termo de Contrato que não puderem ser compostos pela conciliação.

Faxinal, 28 de novembro de 2025.
REPRESENTANTE LEGAL
HERMES ANTONIO SANTA RIVA
REPRESENTANTE LEGAL
WILLIAN CARLOS DIAS
ESTADO DO PARANÁ
GOVERNO DO MUNICÍPIO DE FAXINAL
DEPARTAMENTO DE COMPRAS E LICITAÇÕES
ATA DE REGISTRO DE PREÇOS

ATA DE REGISTRO DE PREÇOS Nº 236/2025 QUE FAZEM ENTRE SI O MUNICÍPIO DE FAXINAL E

O MUNICÍPIO DE FAXINAL, pessoa jurídica de direito público interno, com sede na Av. Brasil, 694, na cidade de Faxinal, Estado do Paraná, inscrito no CNPJ sob o nº 75.771.295/0001-87, neste ato representado pelo Prefeito Municipal HERMES ANTONIO SANTA RIVA, e a empresa vencedora do processo licitatório, considerando o julgamento da licitação na modalidade de PREGÃO, na forma ELETRÔNICA, para REGISTRO DE PREÇOS nº 69/2025, RESOLVE registrar os preços da(s) empresa(s) indicada(s) e qualificada(s) nesta ATA, sujeitando-se as partes às normas constantes na Lei nº 14.133, de 1º de abril de 2021, e em conformidade com as disposições a seguir:

1. CLÁUSULA PRIMEIRA – DO OBJETO (art. 92, I e II)

1.1. A presente Ata tem por objeto o REGISTRO DE PREÇOS PARA AQUISIÇÃO DE MATERIAIS DE LIMPEZA, PRODUTOS DE HIGIENE, EQUIPAMENTOS DE LIMPEZA E UTENSÍLIOS DOMÉSTICOS, DESTINADOS AO ATENDIMENTO DAS NECESSIDADES DA SECRETARIA MUNICIPAL DE SAÚDE, especificado(s) no(s) item(ns) do Termo de Referência, anexo do edital de Pregão nº 69/2025.

Item	Especificação	Marca	Un.	Qtd.	Valor Unit.	Valor Total
1	PAPEL TOALHA interfolhado, 2 dobras, 100% celulose virgem, pacote com 1000 folhas	NOBRE	PCT	400	R$ 14,90	R$ 5.960,00
2	PAPEL HIGIÊNICO rolão, folha simples, 100% celulose, fardo com 8 rolos de 300 metros	MAX	FD	250	R$ 39,80	R$ 9.950,00
3	SABONETE LÍQUIDO para as mãos, refil de 5 litros, fragrância erva-doce	LIMPAX	GL	180	R$ 21,50	R$ 3.870,00
4	ÁLCOOL ETÍLICO 70% INPM, frasco de 1 litro, uso hospitalar	ITAJÁ	UN	600	R$ 7,95	R$ 4.770,00
5	LUVA DE LÁTEX para limpeza, forrada, tamanho médio, par	VOLK	PAR	300	R$ 3,60	R$ 1.080,00
6	PANO DE CHÃO alvejado, 100% algodão, medindo 45 x 70 cm	PERFEX	UN	350	R$ 4,20	R$ 1.470,00
7	RODO DE ESPUMA com cabo de madeira, base de 40 cm	BRALIMPIA	UN	80	R$ 16,40	R$ 1.312,00
